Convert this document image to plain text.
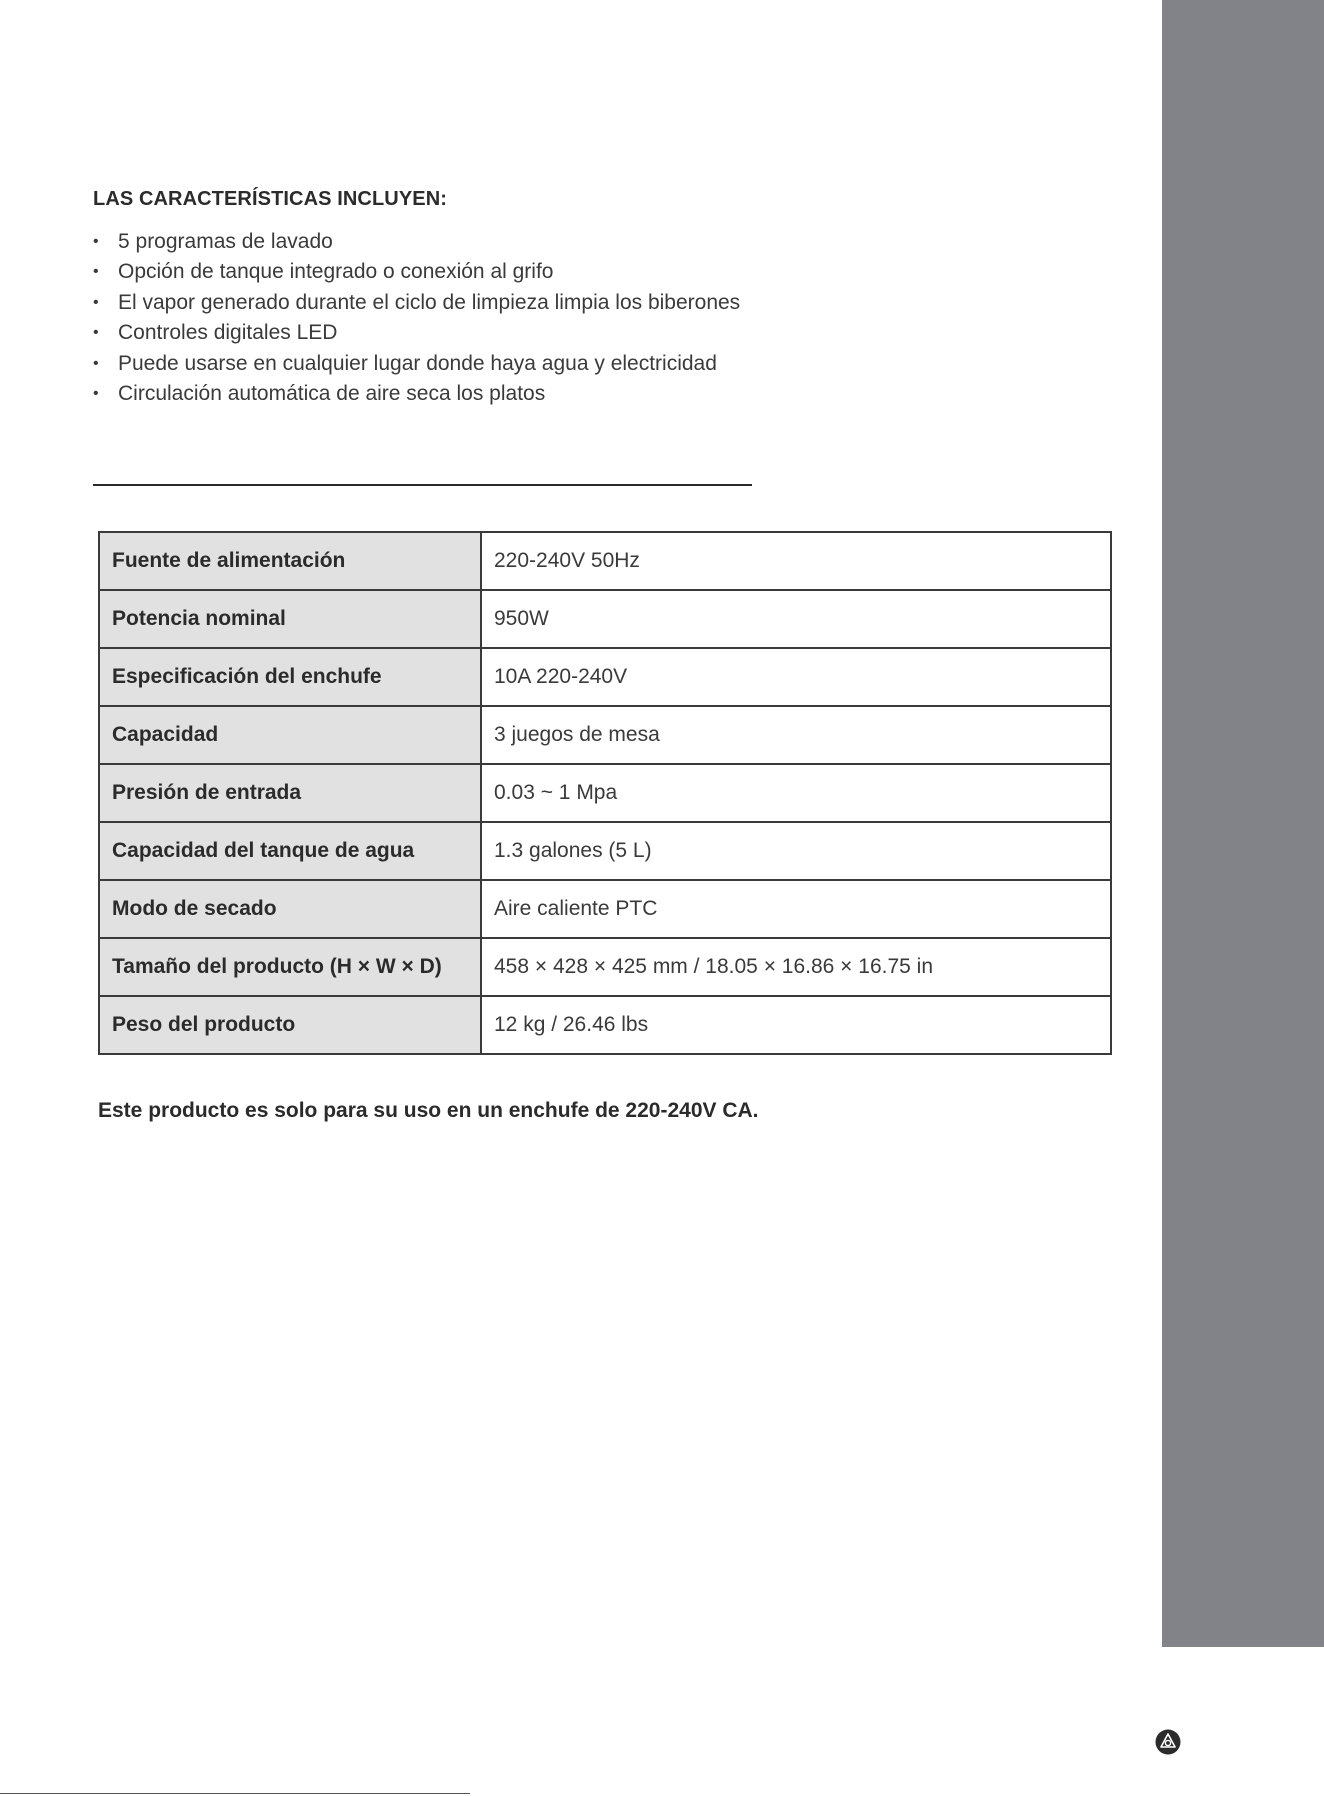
LAS CARACTERÍSTICAS INCLUYEN:
• 5 programas de lavado
• Opción de tanque integrado o conexión al grifo
• El vapor generado durante el ciclo de limpieza limpia los biberones
• Controles digitales LED
• Puede usarse en cualquier lugar donde haya agua y electricidad
• Circulación automática de aire seca los platos
Fuente de alimentación	220-240V 50Hz
Potencia nominal	950W
Especificación del enchufe	10A 220-240V
Capacidad	3 juegos de mesa
Presión de entrada	0.03 ~ 1 Mpa
Capacidad del tanque de agua	1.3 galones (5 L)
Modo de secado	Aire caliente PTC
Tamaño del producto (H × W × D)	458 × 428 × 425 mm / 18.05 × 16.86 × 16.75 in
Peso del producto	12 kg / 26.46 lbs
Este producto es solo para su uso en un enchufe de 220-240V CA.
